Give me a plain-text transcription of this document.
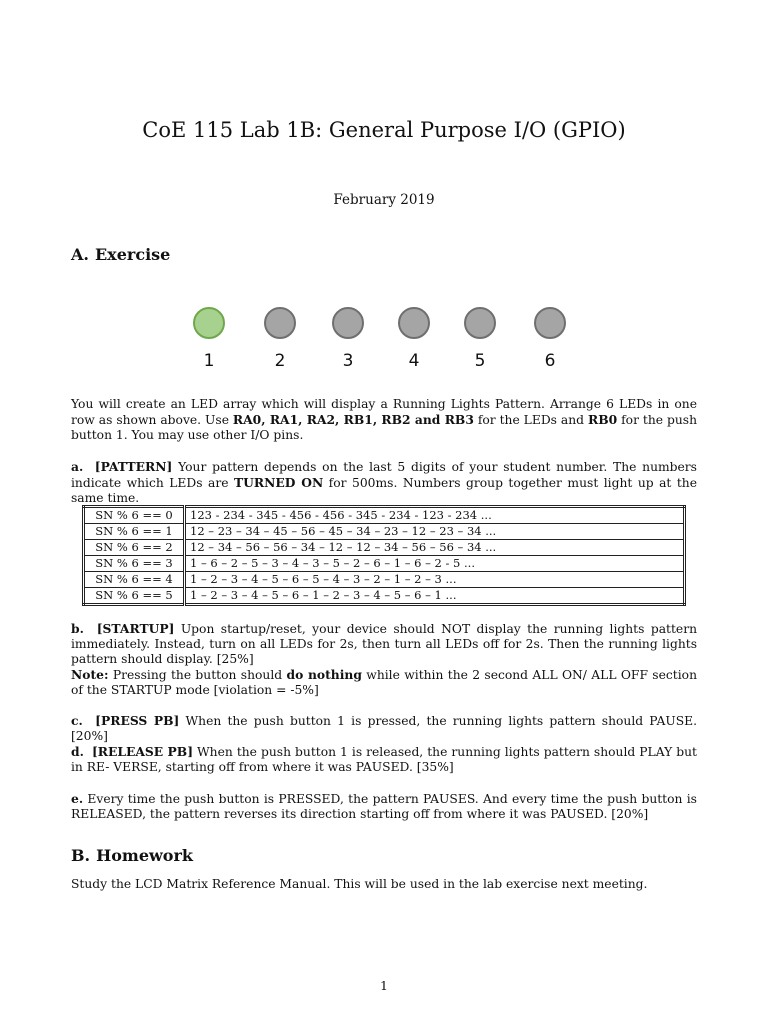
CoE 115 Lab 1B: General Purpose I/O (GPIO)
February 2019
A. Exercise
1	2	3	4	5	6

You will create an LED array which will display a Running Lights Pattern. Arrange 6 LEDs in one row as shown above. Use RA0, RA1, RA2, RB1, RB2 and RB3 for the LEDs and RB0 for the push button 1. You may use other I/O pins.

a. [PATTERN] Your pattern depends on the last 5 digits of your student number. The numbers indicate which LEDs are TURNED ON for 500ms. Numbers group together must light up at the same time.

SN % 6 == 0	123 - 234 - 345 - 456 - 456 - 345 - 234 - 123 - 234 ...
SN % 6 == 1	12 – 23 – 34 – 45 – 56 – 45 – 34 – 23 – 12 – 23 – 34 ...
SN % 6 == 2	12 – 34 – 56 – 56 – 34 – 12 – 12 – 34 – 56 – 56 – 34 ...
SN % 6 == 3	1 – 6 – 2 – 5 – 3 – 4 – 3 – 5 – 2 – 6 – 1 – 6 – 2 - 5 ...
SN % 6 == 4	1 – 2 – 3 – 4 – 5 – 6 – 5 – 4 – 3 – 2 – 1 – 2 – 3 ...
SN % 6 == 5	1 – 2 – 3 – 4 – 5 – 6 – 1 – 2 – 3 – 4 – 5 – 6 – 1 ...

b. [STARTUP] Upon startup/reset, your device should NOT display the running lights pattern immediately. Instead, turn on all LEDs for 2s, then turn all LEDs off for 2s. Then the running lights pattern should display. [25%]
Note: Pressing the button should do nothing while within the 2 second ALL ON/ ALL OFF section of the STARTUP mode [violation = -5%]

c. [PRESS PB] When the push button 1 is pressed, the running lights pattern should PAUSE. [20%]

d. [RELEASE PB] When the push button 1 is released, the running lights pattern should PLAY but in RE- VERSE, starting off from where it was PAUSED. [35%]

e. Every time the push button is PRESSED, the pattern PAUSES. And every time the push button is RELEASED, the pattern reverses its direction starting off from where it was PAUSED. [20%]

B. Homework

Study the LCD Matrix Reference Manual. This will be used in the lab exercise next meeting.

1
